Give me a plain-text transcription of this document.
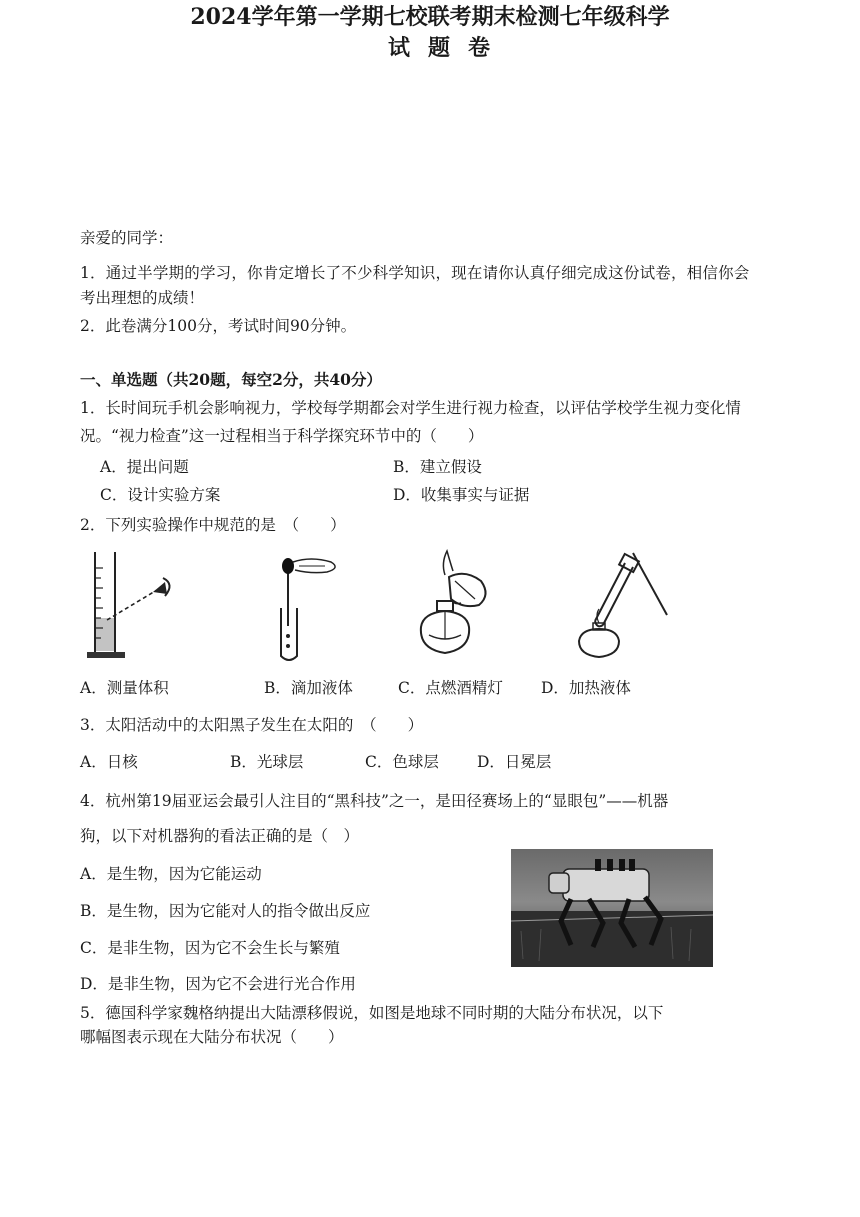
2024学年第一学期七校联考期末检测七年级科学
试题卷
亲爱的同学：
1．通过半学期的学习，你肯定增长了不少科学知识，现在请你认真仔细完成这份试卷，相信你会
考出理想的成绩！
2．此卷满分100分，考试时间90分钟。
一、单选题（共20题，每空2分，共40分）
1．长时间玩手机会影响视力，学校每学期都会对学生进行视力检查，以评估学校学生视力变化情
况。“视力检查”这一过程相当于科学探究环节中的（　　）
A．提出问题	B．建立假设
C．设计实验方案	D．收集事实与证据
2．下列实验操作中规范的是　（　　）
A．测量体积	B．滴加液体	C．点燃酒精灯 D．加热液体
3．太阳活动中的太阳黑子发生在太阳的　（　　）
A．日核	B．光球层	C．色球层 D．日冕层
4．杭州第19届亚运会最引人注目的“黑科技”之一，是田径赛场上的“显眼包”——机器
狗，以下对机器狗的看法正确的是（　）
A．是生物，因为它能运动
B．是生物，因为它能对人的指令做出反应
C．是非生物，因为它不会生长与繁殖
D．是非生物，因为它不会进行光合作用
5．德国科学家魏格纳提出大陆漂移假说，如图是地球不同时期的大陆分布状况，以下
哪幅图表示现在大陆分布状况（　　）
